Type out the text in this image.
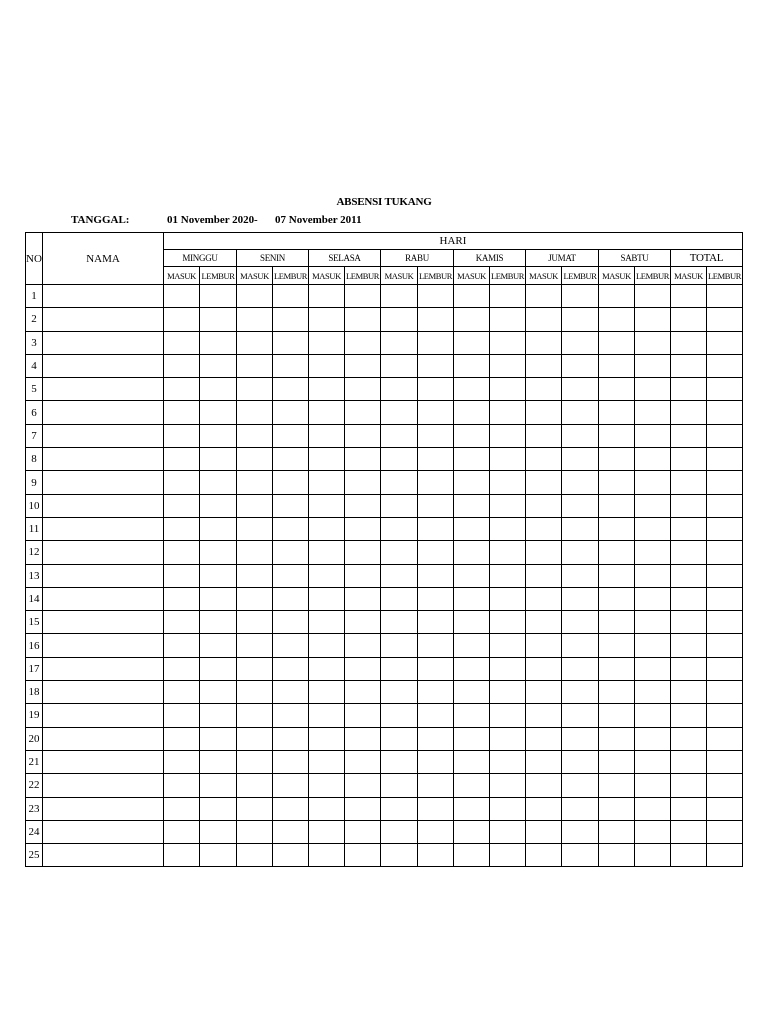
ABSENSI TUKANG
TANGGAL:	01 November 2020 - 07 November 2011
NO	NAMA	HARI															
		MINGGU		SENIN		SELASA		RABU		KAMIS		JUMAT		SABTU		TOTAL	
		MASUK	LEMBUR	MASUK	LEMBUR	MASUK	LEMBUR	MASUK	LEMBUR	MASUK	LEMBUR	MASUK	LEMBUR	MASUK	LEMBUR	MASUK	LEMBUR
1																	
2																	
3																	
4																	
5																	
6																	
7																	
8																	
9																	
10																	
11																	
12																	
13																	
14																	
15																	
16																	
17																	
18																	
19																	
20																	
21																	
22																	
23																	
24																	
25																	
